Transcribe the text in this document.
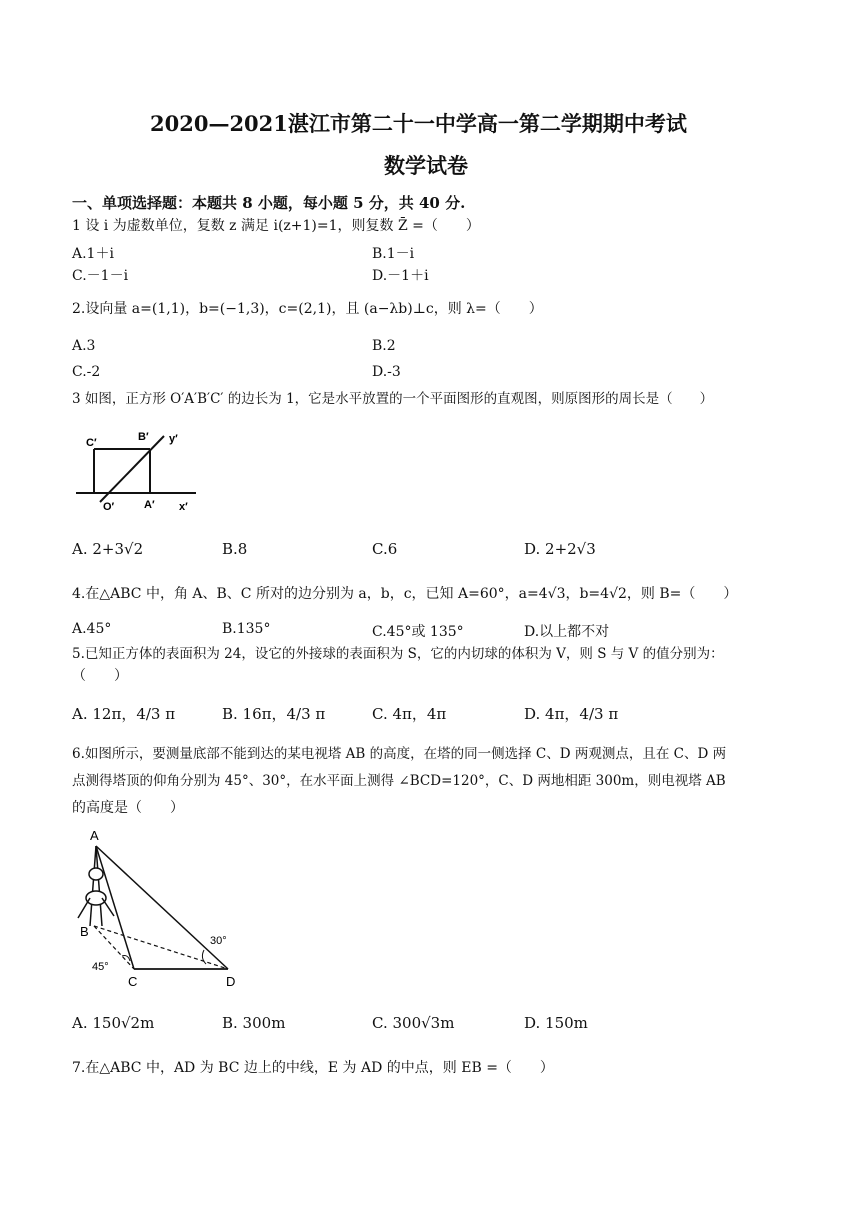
2020—2021湛江市第二十一中学高一第二学期期中考试
数学试卷
一、单项选择题：本题共 8 小题，每小题 5 分，共 40 分.
1 设 i 为虚数单位，复数 z 满足 i(z+1)=1，则复数 Z̄ =（　　）
A.1＋i	B.1－i
C.－1－i	D.－1＋i
2.设向量 a=(1,1)，b=(−1,3)，c=(2,1)，且 (a−λb)⊥c，则 λ=（　　）
A.3	B.2
C.-2	D.-3
3 如图，正方形 O′A′B′C′ 的边长为 1，它是水平放置的一个平面图形的直观图，则原图形的周长是（　　）
C′	B′ y′
O′	A′ x′
A. 2+3√2	B.8	C.6	D. 2+2√3
4.在△ABC 中，角 A、B、C 所对的边分别为 a，b，c，已知 A=60°，a=4√3，b=4√2，则 B=（　　）
A.45°	B.135°	C.45°或 135°	D.以上都不对
5.已知正方体的表面积为 24，设它的外接球的表面积为 S，它的内切球的体积为 V，则 S 与 V 的值分别为：
（　　）
A. 12π，4/3 π	B. 16π，4/3 π	C. 4π，4π	D. 4π，4/3 π
6.如图所示，要测量底部不能到达的某电视塔 AB 的高度，在塔的同一侧选择 C、D 两观测点，且在 C、D 两
点测得塔顶的仰角分别为 45°、30°，在水平面上测得 ∠BCD=120°，C、D 两地相距 300m，则电视塔 AB
的高度是（　　）
A
B
C	D
45°
30°
A. 150√2m	B. 300m	C. 300√3m	D. 150m
7.在△ABC 中，AD 为 BC 边上的中线，E 为 AD 的中点，则 EB =（　　）
